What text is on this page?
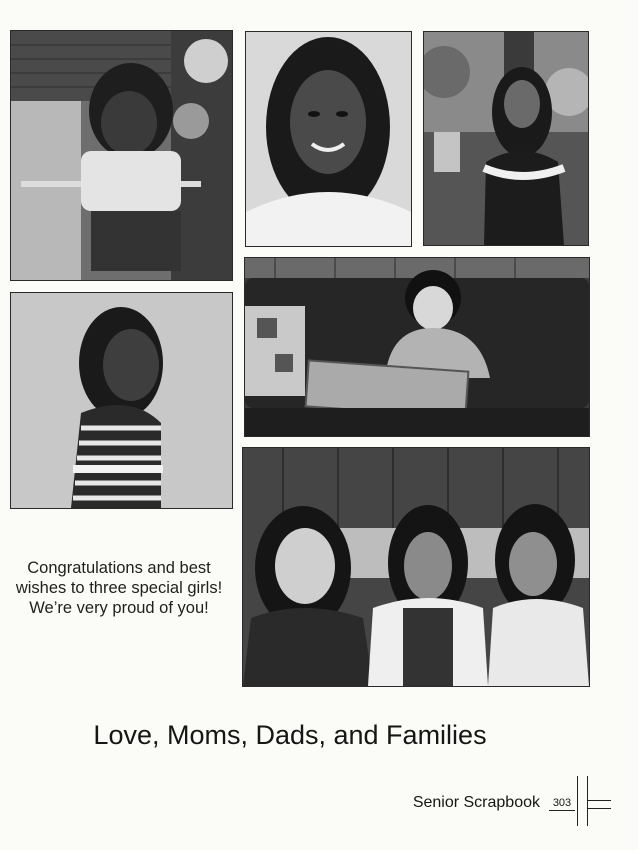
Congratulations and best
wishes to three special girls!
We’re very proud of you!
Love, Moms, Dads, and Families
Senior Scrapbook	303
